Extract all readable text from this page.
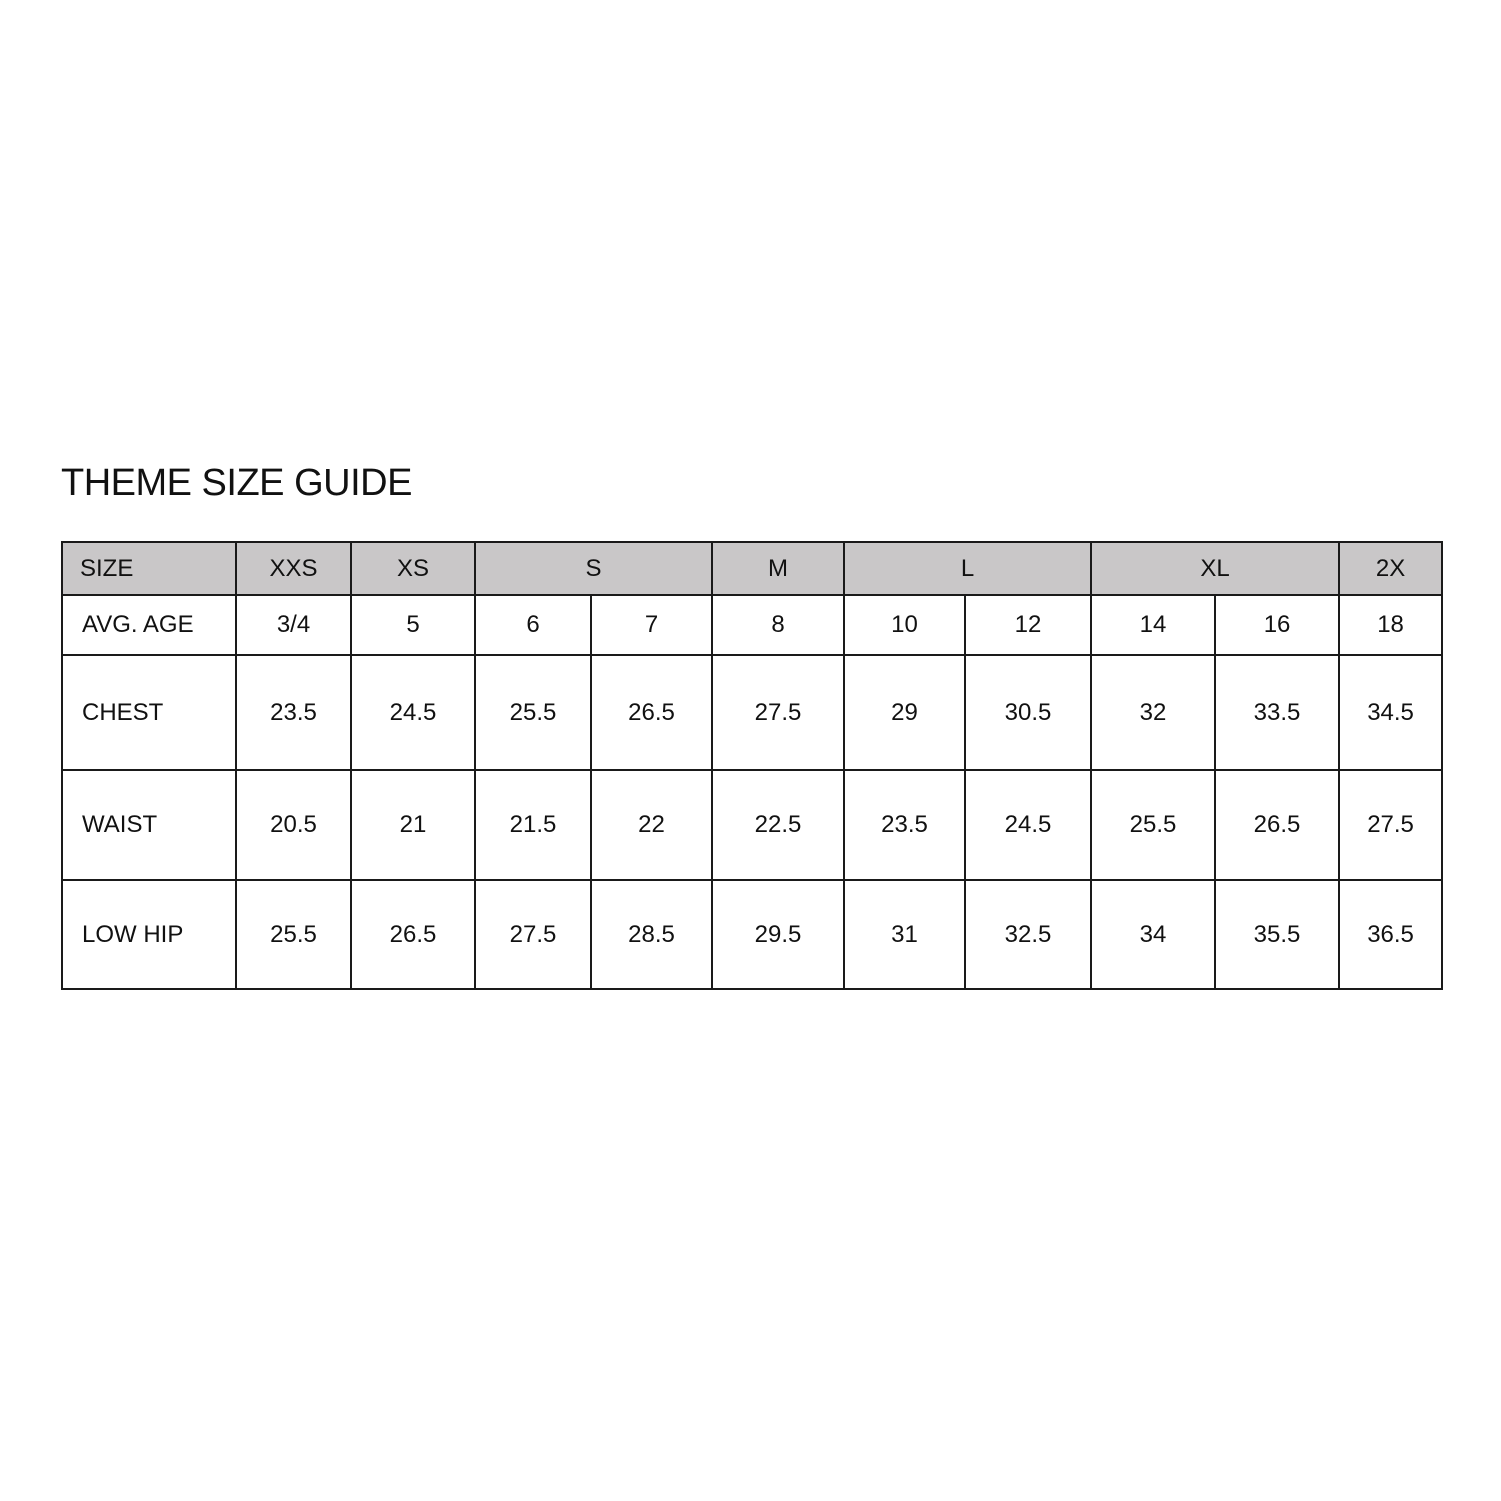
THEME SIZE GUIDE
SIZE	XXS	XS	S		M	L		XL		2X
AVG. AGE	3/4	5	6	7	8	10	12	14	16	18
CHEST	23.5	24.5	25.5	26.5	27.5	29	30.5	32	33.5	34.5
WAIST	20.5	21	21.5	22	22.5	23.5	24.5	25.5	26.5	27.5
LOW HIP	25.5	26.5	27.5	28.5	29.5	31	32.5	34	35.5	36.5
